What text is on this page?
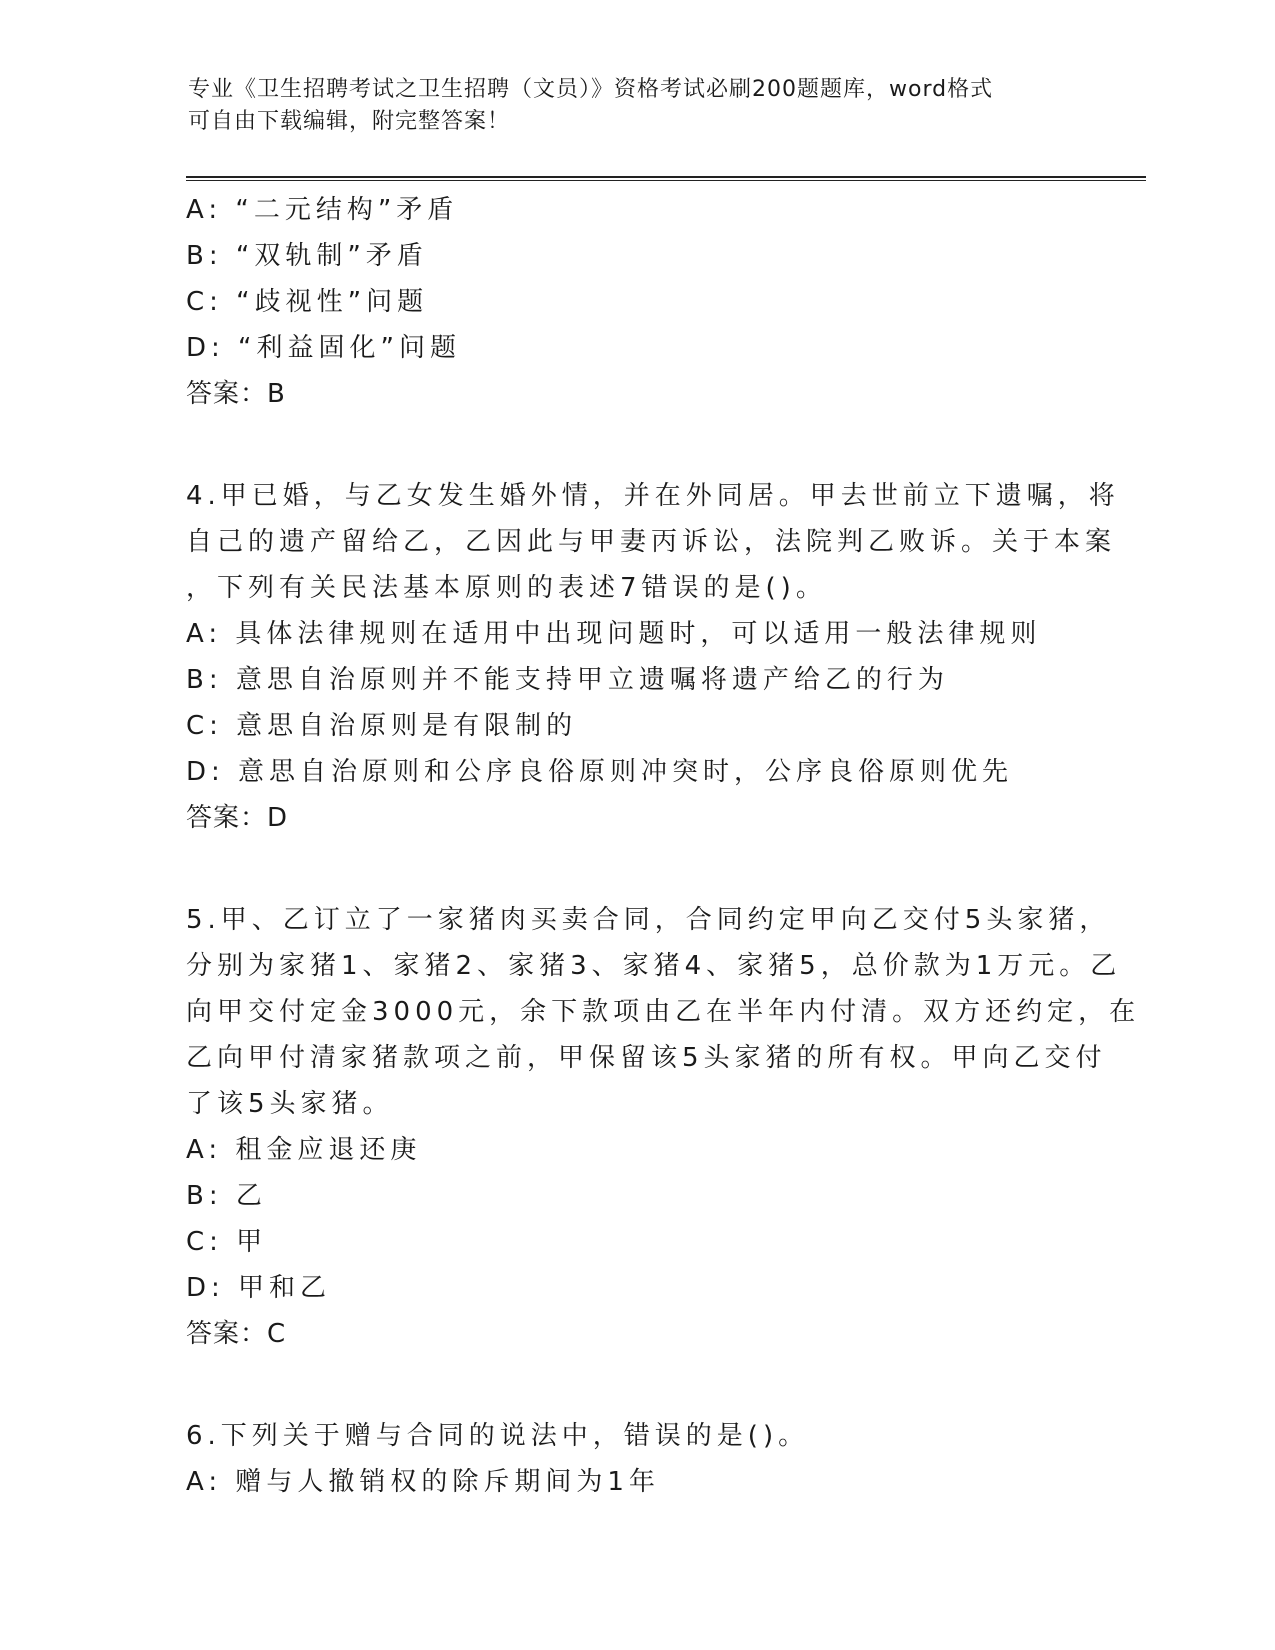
专业《卫生招聘考试之卫生招聘（文员）》资格考试必刷200题题库，word格式
可自由下载编辑，附完整答案！
A: “二元结构”矛盾
B: “双轨制”矛盾
C: “歧视性”问题
D: “利益固化”问题
答案：B
4.甲已婚，与乙女发生婚外情，并在外同居。甲去世前立下遗嘱，将
自己的遗产留给乙，乙因此与甲妻丙诉讼，法院判乙败诉。关于本案
，下列有关民法基本原则的表述7错误的是()。
A: 具体法律规则在适用中出现问题时，可以适用一般法律规则
B: 意思自治原则并不能支持甲立遗嘱将遗产给乙的行为
C: 意思自治原则是有限制的
D: 意思自治原则和公序良俗原则冲突时，公序良俗原则优先
答案：D
5.甲、乙订立了一家猪肉买卖合同，合同约定甲向乙交付5头家猪，
分别为家猪1、家猪2、家猪3、家猪4、家猪5，总价款为1万元。乙
向甲交付定金3000元，余下款项由乙在半年内付清。双方还约定，在
乙向甲付清家猪款项之前，甲保留该5头家猪的所有权。甲向乙交付
了该5头家猪。
A: 租金应退还庚
B: 乙
C: 甲
D: 甲和乙
答案：C
6.下列关于赠与合同的说法中，错误的是()。
A: 赠与人撤销权的除斥期间为1年
